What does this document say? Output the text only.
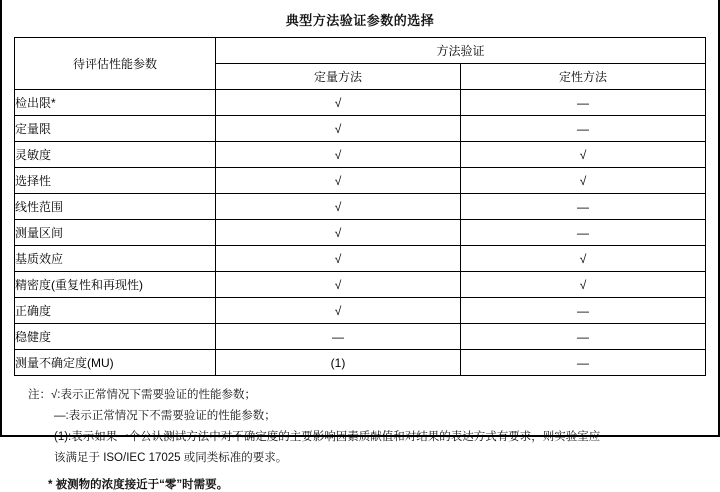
典型方法验证参数的选择
待评估性能参数	方法验证	
	定量方法	定性方法
检出限*	√	—
定量限	√	—
灵敏度	√	√
选择性	√	√
线性范围	√	—
测量区间	√	—
基质效应	√	√
精密度(重复性和再现性)	√	√
正确度	√	—
稳健度	—	—
测量不确定度(MU)	(1)	—

注：√:表示正常情况下需要验证的性能参数；

—:表示正常情况下不需要验证的性能参数；

(1):表示如果一个公认测试方法中对不确定度的主要影响因素质献值和对结果的表达方式有要求，则实验室应

该满足于 ISO/IEC 17025 或同类标准的要求。

* 被测物的浓度接近于“零”时需要。
